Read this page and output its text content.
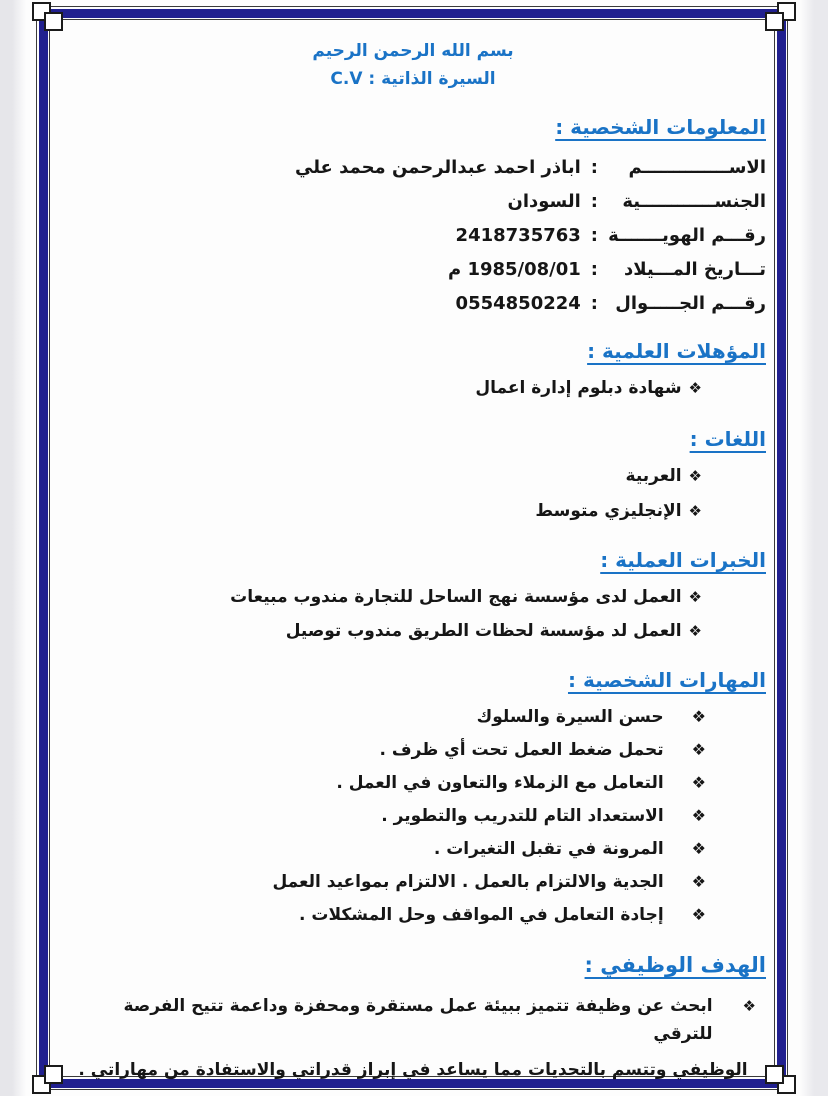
بسم الله الرحمن الرحيم
السيرة الذاتية : C.V
المعلومات الشخصية :
الاســــــــــــــم
:
اباذر احمد عبدالرحمن محمد علي
الجنســــــــــــية
:
السودان
رقـــم الهويـــــــة
:
2418735763
تـــاريخ المـــيلاد
:
1985/08/01 م
رقـــم الجـــــوال
:
0554850224
المؤهلات العلمية :
❖شهادة دبلوم إدارة اعمال
اللغات :
❖العربية
❖الإنجليزي متوسط
الخبرات العملية :
❖العمل لدى مؤسسة نهج الساحل للتجارة مندوب مبيعات
❖العمل لد مؤسسة لحظات الطريق مندوب توصيل
المهارات الشخصية :
❖
حسن السيرة والسلوك
❖
تحمل ضغط العمل تحت أي ظرف .
❖
التعامل مع الزملاء والتعاون في العمل .
❖
الاستعداد التام للتدريب والتطوير .
❖
المرونة في تقبل التغيرات .
❖
الجدية والالتزام بالعمل . الالتزام بمواعيد العمل
❖
إجادة التعامل في المواقف وحل المشكلات .
الهدف الوظيفي :
❖
ابحث عن وظيفة تتميز ببيئة عمل مستقرة ومحفزة وداعمة تتيح الفرصة للترقي
الوظيفي وتتسم بالتحديات مما يساعد في إبراز قدراتي والاستفادة من مهاراتي .
